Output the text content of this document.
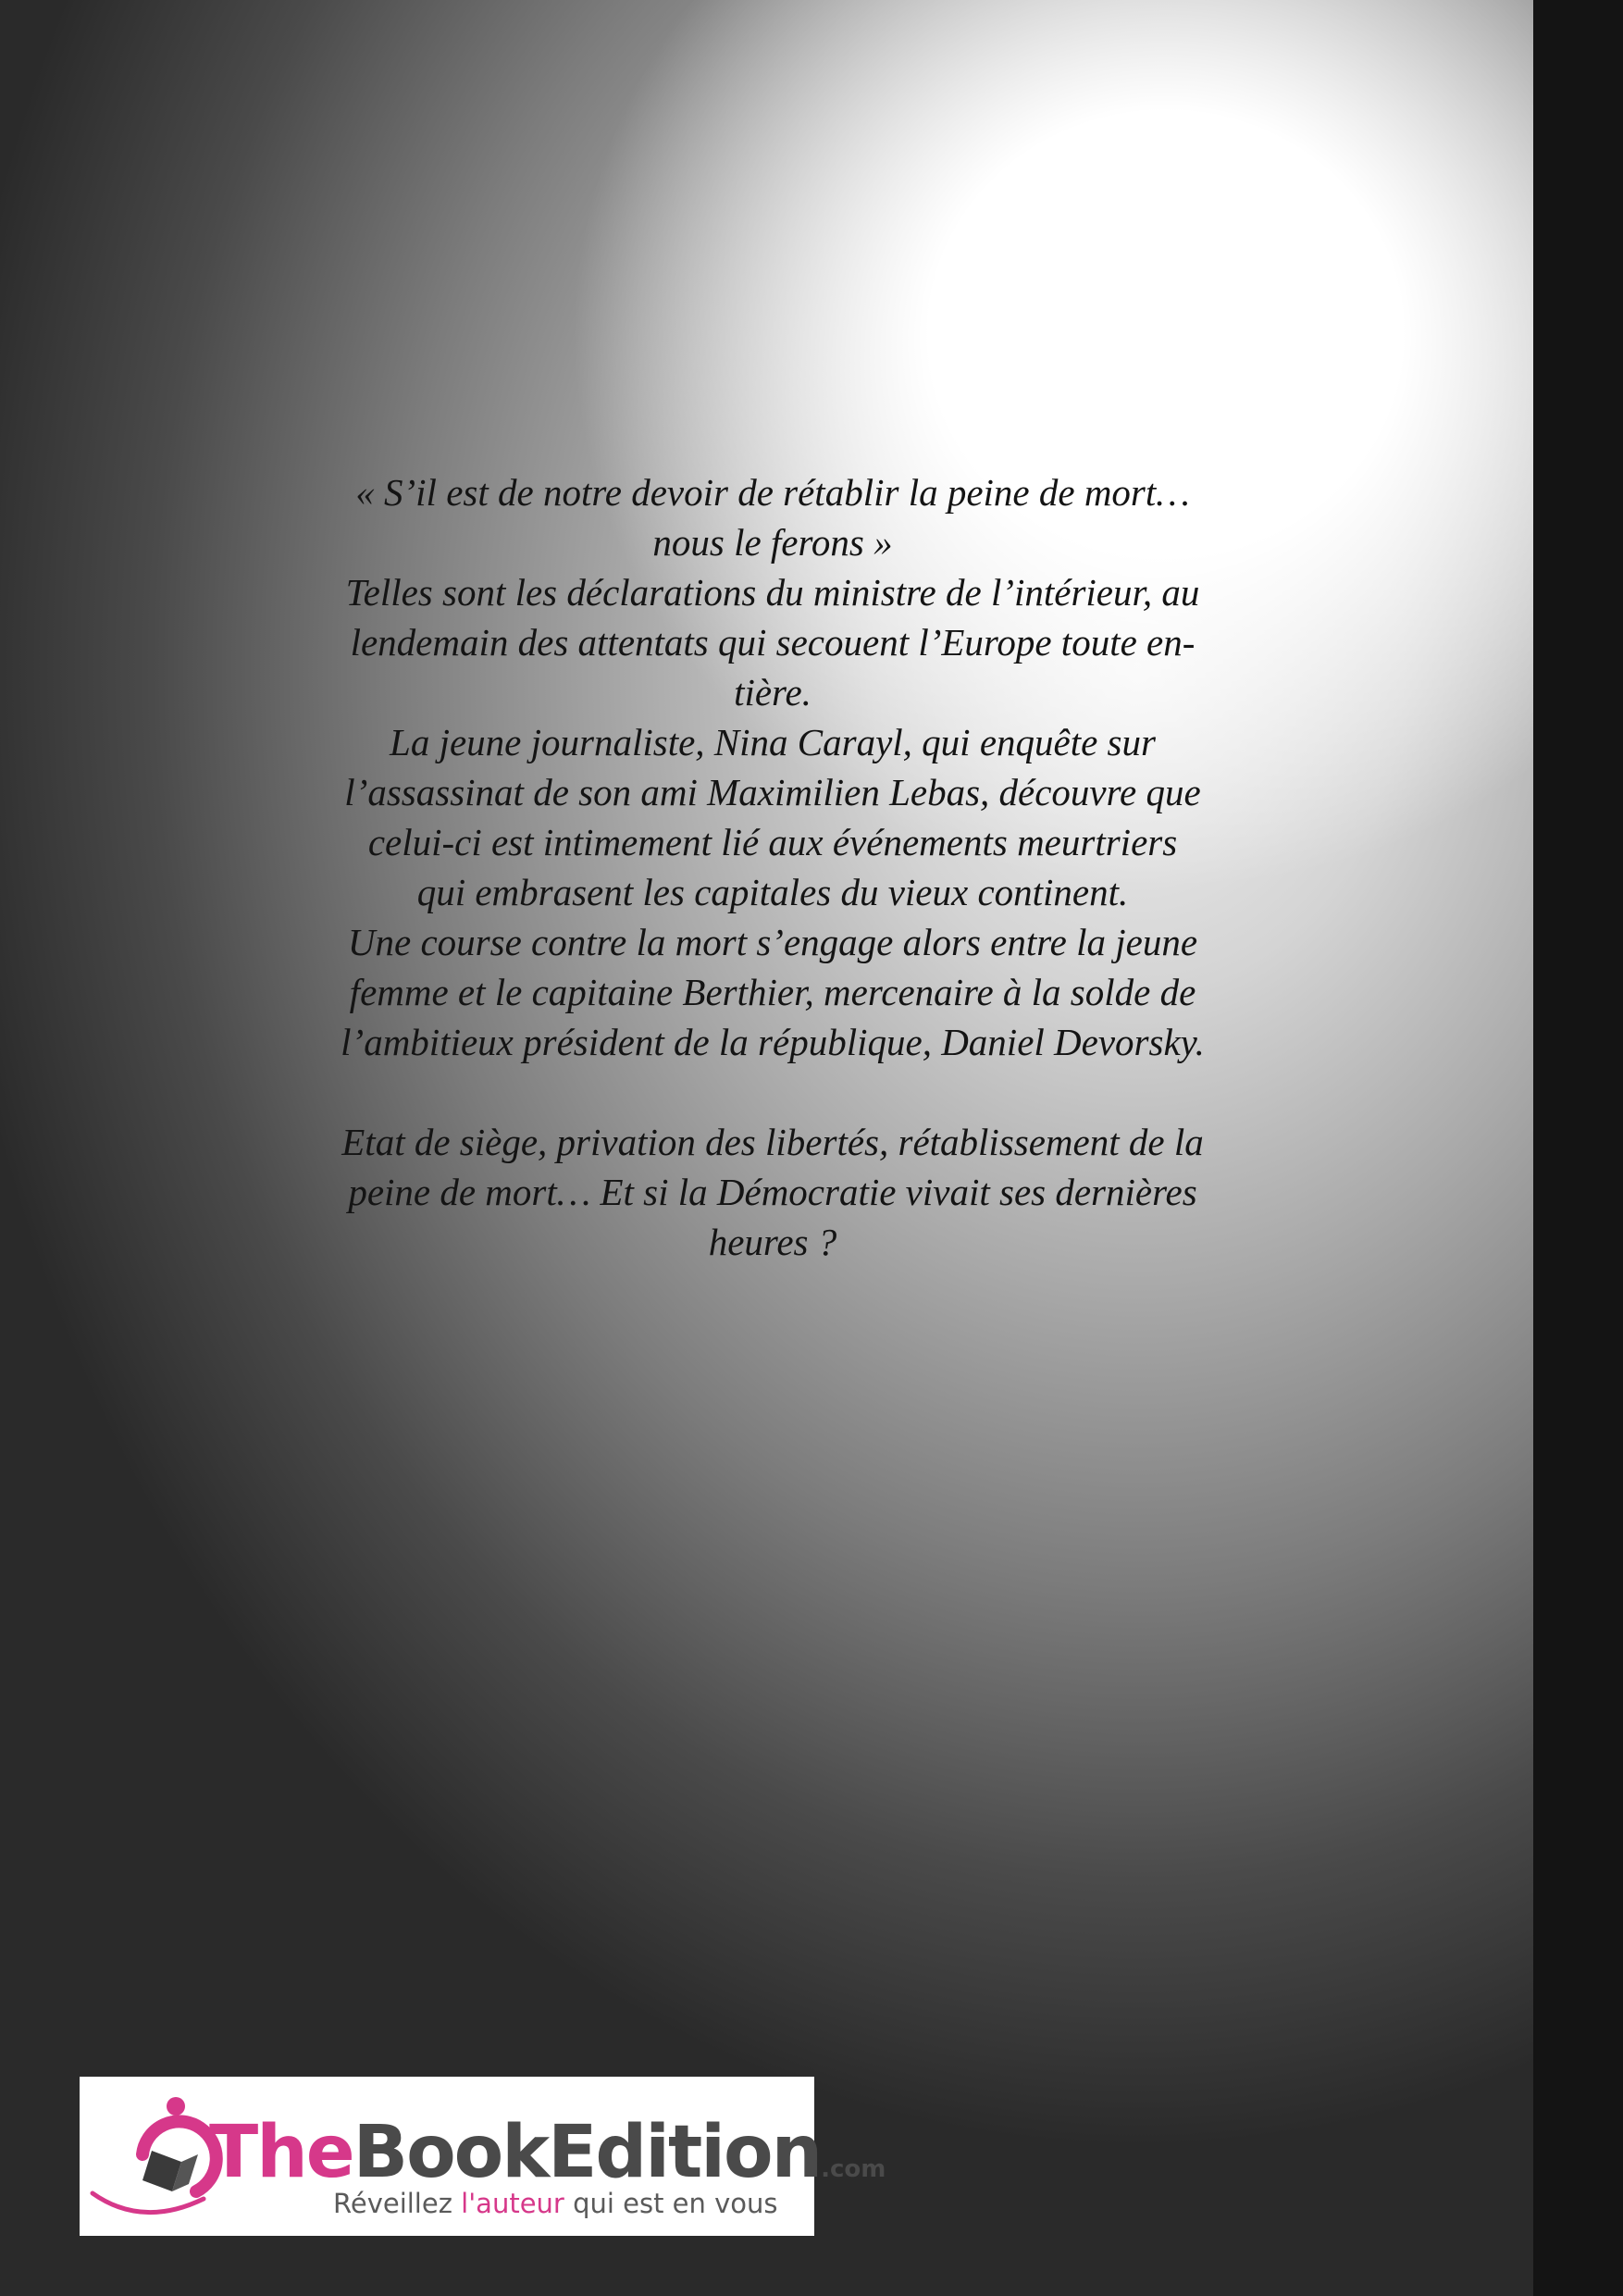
« S’il est de notre devoir de rétablir la peine de mort…

nous le ferons »

Telles sont les déclarations du ministre de l’intérieur, au

lendemain des attentats qui secouent l’Europe toute en-

tière.

La jeune journaliste, Nina Carayl, qui enquête sur

l’assassinat de son ami Maximilien Lebas, découvre que

celui-ci est intimement lié aux événements meurtriers

qui embrasent les capitales du vieux continent.

Une course contre la mort s’engage alors entre la jeune

femme et le capitaine Berthier, mercenaire à la solde de

l’ambitieux président de la république, Daniel Devorsky.

Etat de siège, privation des libertés, rétablissement de la

peine de mort… Et si la Démocratie vivait ses dernières

heures ?

TheBookEdition.com
Réveillez l'auteur qui est en vous
